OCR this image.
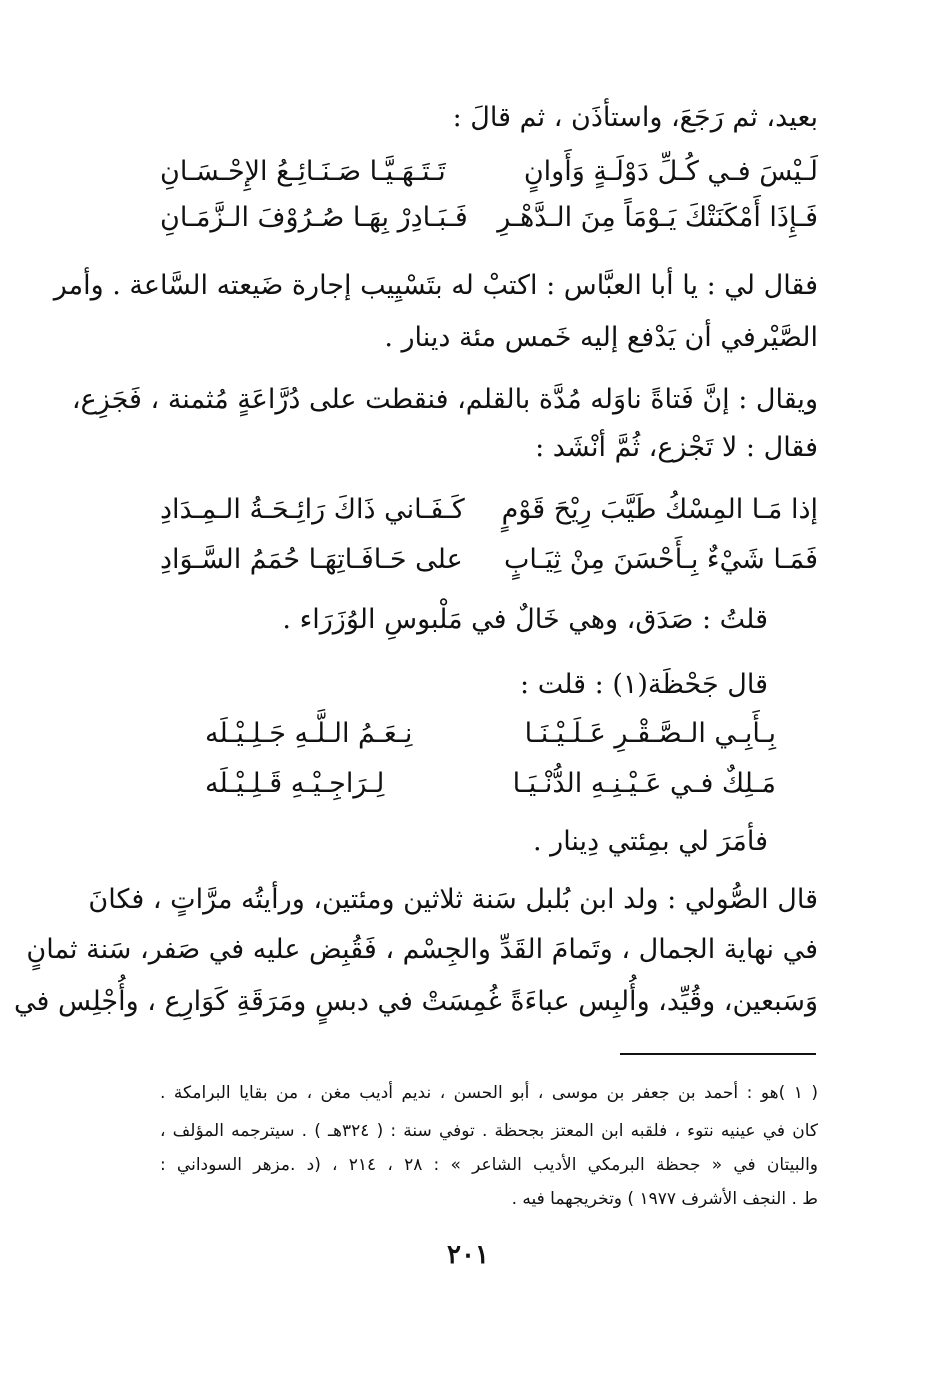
بعيد، ثم رَجَعَ، واستأذَن ، ثم قالَ :
لَـيْسَ فـي كُـلِّ دَوْلَـةٍ وَأَوانٍ
تَـتَـهَـيَّـا صَـنَـائِـعُ الإِحْـسَـانِ
فَـإِذَا أَمْكَنَتْكَ يَـوْمَاً مِنَ الـدَّهْـرِ
فَـبَـادِرْ بِهَـا صُـرُوْفَ الـزَّمَـانِ
فقال لي : يا أبا العبَّاس : اكتبْ له بتَسْيِيب إجارة ضَيعته السَّاعة . وأمر
الصَّيْرفي أن يَدْفع إليه خَمس مئة دينار .
ويقال : إنَّ فَتاةً ناوَله مُدَّة بالقلم، فنقطت على دُرَّاعَةٍ مُثمنة ، فَجَزِع،
فقال : لا تَجْزع، ثُمَّ أنْشَد :
إذا مَـا المِسْكُ طَيَّبَ رِيْحَ قَوْمٍ
كَـفَـاني ذَاكَ رَائِـحَـةُ الـمِـدَادِ
فَمَـا شَيْءٌ بِـأَحْسَنَ مِنْ ثِيَـابٍ
على حَـافَـاتِهَـا حُمَمُ السَّـوَادِ
قلتُ : صَدَق، وهي خَالٌ في مَلْبوسِ الوُزَرَاء .
قال جَحْظَة(١) : قلت :
بِـأَبِـي الـصَّـقْـرِ عَـلَـيْـنَـا
نِـعَـمُ الـلَّـهِ جَـلِـيْـلَه
مَـلِكٌ فـي عَـيْـنِـهِ الدُّنْـيَـا
لِـرَاجِـيْـهِ قَـلِـيْـلَه
فأمَرَ لي بمِئتي دِينار .
قال الصُّولي : ولد ابن بُلبل سَنة ثلاثين ومئتين، ورأيتُه مرَّاتٍ ، فكانَ
في نهاية الجمال ، وتَمامَ القَدِّ والجِسْم ، فَقُبِض عليه في صَفر، سَنة ثمانٍ
وَسَبعين، وقُيِّد، وأُلبِس عباءَةً غُمِسَتْ في دبسٍ ومَرَقَةِ كَوَارِع ، وأُجْلِس في
( ١ )هو : أحمد بن جعفر بن موسى ، أبو الحسن ، نديم أديب مغن ، من بقايا البرامكة .
كان في عينيه نتوء ، فلقبه ابن المعتز بجحظة . توفي سنة : ( ٣٢٤هـ ) . سيترجمه المؤلف ،
والبيتان في « جحظة البرمكي الأديب الشاعر » : ٢٨ ، ٢١٤ ، (د .مزهر السوداني :
ط . النجف الأشرف ١٩٧٧ ) وتخريجهما فيه .
٢٠١
